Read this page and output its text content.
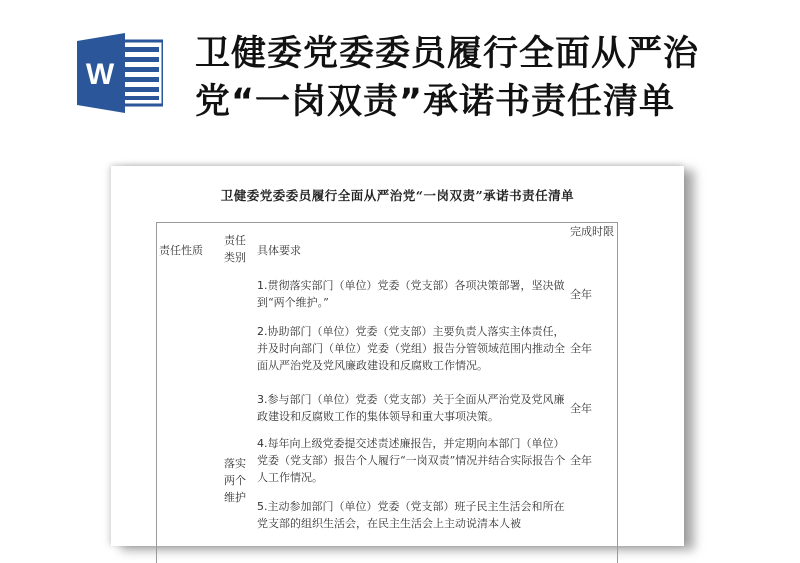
W
卫健委党委委员履行全面从严治
党“一岗双责”承诺书责任清单
卫健委党委委员履行全面从严治党“一岗双责”承诺书责任清单
责任性质
责任类别
具体要求
完成时限
落实两个维护
1.贯彻落实部门（单位）党委（党支部）各项决策部署，坚决做到“两个维护。”
全年
2.协助部门（单位）党委（党支部）主要负责人落实主体责任，并及时向部门（单位）党委（党组）报告分管领域范围内推动全面从严治党及党风廉政建设和反腐败工作情况。
全年
3.参与部门（单位）党委（党支部）关于全面从严治党及党风廉政建设和反腐败工作的集体领导和重大事项决策。
全年
4.每年向上级党委提交述责述廉报告，并定期向本部门（单位）党委（党支部）报告个人履行“一岗双责”情况并结合实际报告个人工作情况。
全年
5.主动参加部门（单位）党委（党支部）班子民主生活会和所在党支部的组织生活会，在民主生活会上主动说清本人被
